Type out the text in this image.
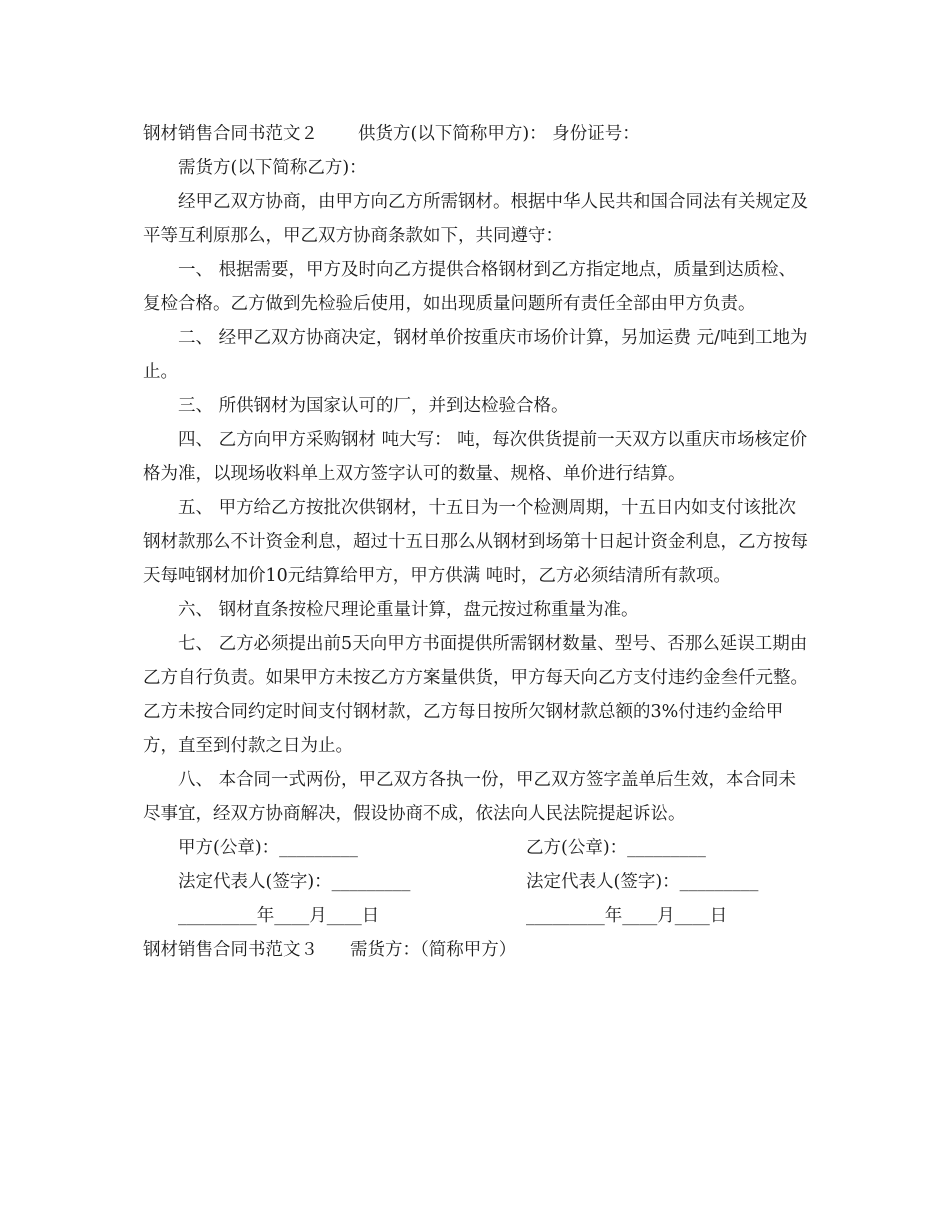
钢材销售合同书范文２ 供货方(以下简称甲方)： 身份证号：

需货方(以下简称乙方)：

经甲乙双方协商，由甲方向乙方所需钢材。根据中华人民共和国合同法有关规定及平等互利原那么，甲乙双方协商条款如下，共同遵守：

一、 根据需要，甲方及时向乙方提供合格钢材到乙方指定地点，质量到达质检、复检合格。乙方做到先检验后使用，如出现质量问题所有责任全部由甲方负责。

二、 经甲乙双方协商决定，钢材单价按重庆市场价计算，另加运费 元/吨到工地为止。

三、 所供钢材为国家认可的厂，并到达检验合格。

四、 乙方向甲方采购钢材 吨大写： 吨，每次供货提前一天双方以重庆市场核定价格为准，以现场收料单上双方签字认可的数量、规格、单价进行结算。

五、 甲方给乙方按批次供钢材，十五日为一个检测周期，十五日内如支付该批次钢材款那么不计资金利息，超过十五日那么从钢材到场第十日起计资金利息，乙方按每天每吨钢材加价10元结算给甲方，甲方供满 吨时，乙方必须结清所有款项。

六、 钢材直条按检尺理论重量计算，盘元按过称重量为准。

七、 乙方必须提出前5天向甲方书面提供所需钢材数量、型号、否那么延误工期由乙方自行负责。如果甲方未按乙方方案量供货，甲方每天向乙方支付违约金叁仟元整。乙方未按合同约定时间支付钢材款，乙方每日按所欠钢材款总额的3%付违约金给甲方，直至到付款之日为止。

八、 本合同一式两份，甲乙双方各执一份，甲乙双方签字盖单后生效，本合同未尽事宜，经双方协商解决，假设协商不成，依法向人民法院提起诉讼。

甲方(公章)：_________	乙方(公章)：_________
法定代表人(签字)：_________	法定代表人(签字)：_________
_________年____月____日	_________年____月____日

钢材销售合同书范文３ 需货方：（简称甲方）
